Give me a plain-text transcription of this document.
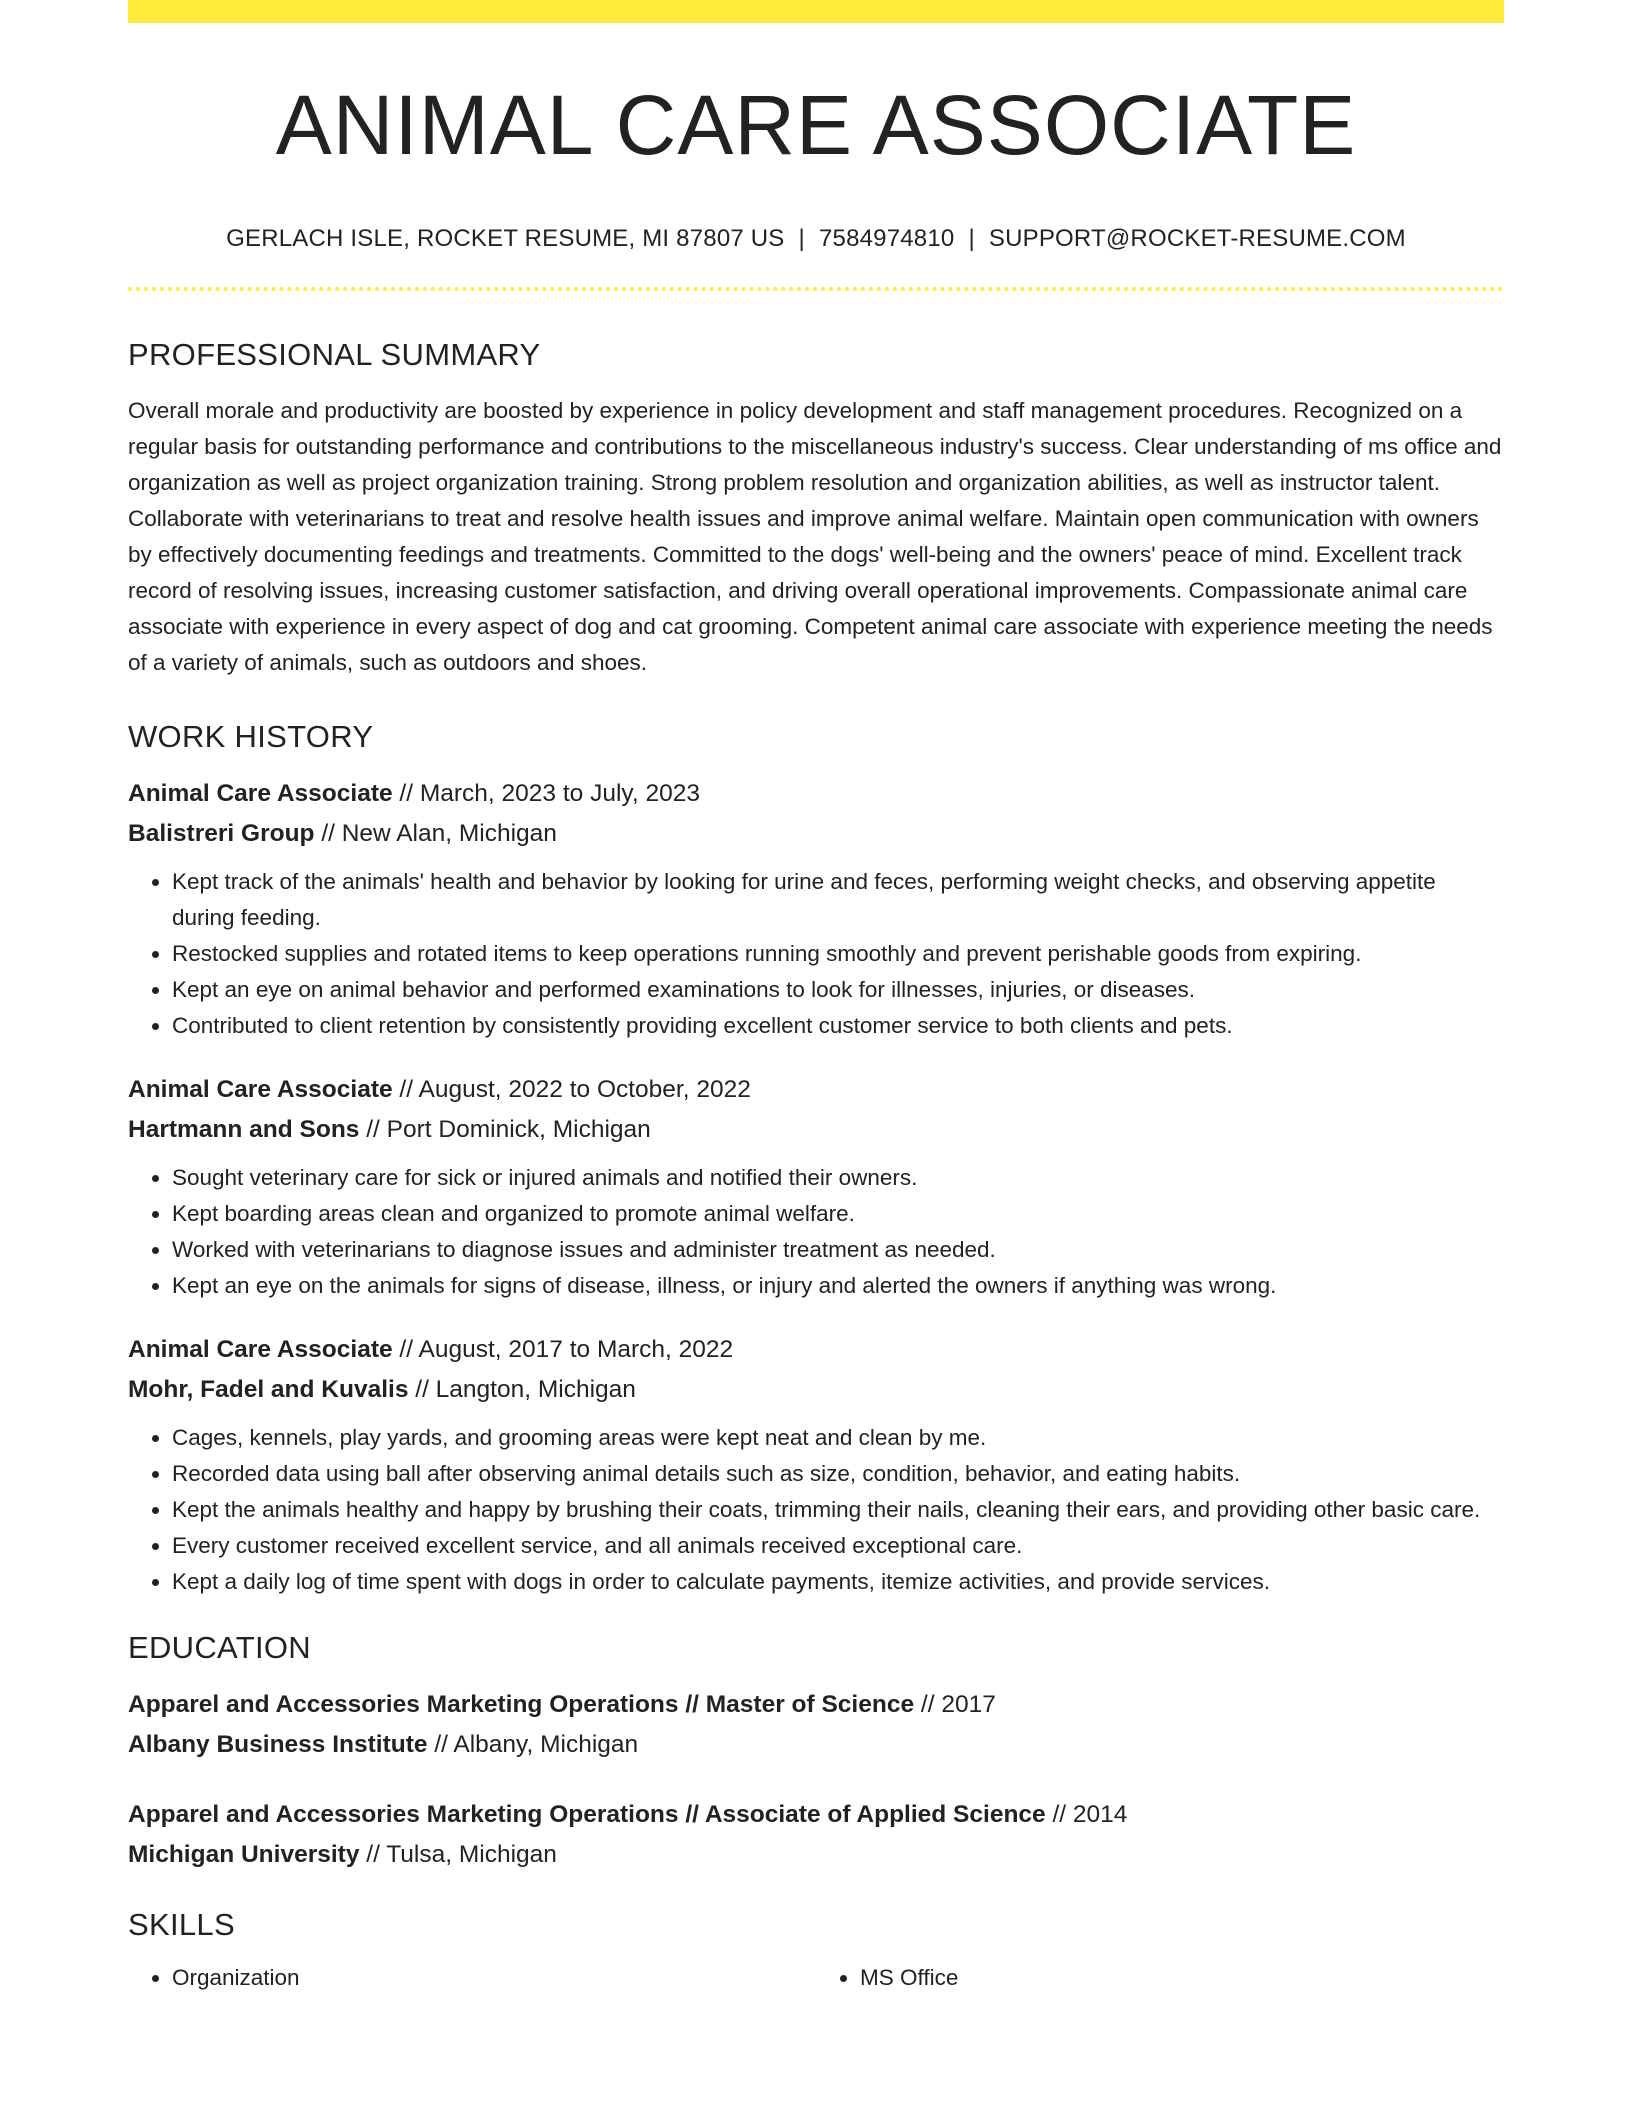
ANIMAL CARE ASSOCIATE
GERLACH ISLE, ROCKET RESUME, MI 87807 US | 7584974810 | SUPPORT@ROCKET-RESUME.COM
PROFESSIONAL SUMMARY

Overall morale and productivity are boosted by experience in policy development and staff management procedures. Recognized on a regular basis for outstanding performance and contributions to the miscellaneous industry's success. Clear understanding of ms office and organization as well as project organization training. Strong problem resolution and organization abilities, as well as instructor talent. Collaborate with veterinarians to treat and resolve health issues and improve animal welfare. Maintain open communication with owners by effectively documenting feedings and treatments. Committed to the dogs' well-being and the owners' peace of mind. Excellent track record of resolving issues, increasing customer satisfaction, and driving overall operational improvements. Compassionate animal care associate with experience in every aspect of dog and cat grooming. Competent animal care associate with experience meeting the needs of a variety of animals, such as outdoors and shoes.

WORK HISTORY
Animal Care Associate // March, 2023 to July, 2023
Balistreri Group // New Alan, Michigan
• Kept track of the animals' health and behavior by looking for urine and feces, performing weight checks, and observing appetite during feeding.
• Restocked supplies and rotated items to keep operations running smoothly and prevent perishable goods from expiring.
• Kept an eye on animal behavior and performed examinations to look for illnesses, injuries, or diseases.
• Contributed to client retention by consistently providing excellent customer service to both clients and pets.
Animal Care Associate // August, 2022 to October, 2022
Hartmann and Sons // Port Dominick, Michigan
• Sought veterinary care for sick or injured animals and notified their owners.
• Kept boarding areas clean and organized to promote animal welfare.
• Worked with veterinarians to diagnose issues and administer treatment as needed.
• Kept an eye on the animals for signs of disease, illness, or injury and alerted the owners if anything was wrong.
Animal Care Associate // August, 2017 to March, 2022
Mohr, Fadel and Kuvalis // Langton, Michigan
• Cages, kennels, play yards, and grooming areas were kept neat and clean by me.
• Recorded data using ball after observing animal details such as size, condition, behavior, and eating habits.
• Kept the animals healthy and happy by brushing their coats, trimming their nails, cleaning their ears, and providing other basic care.
• Every customer received excellent service, and all animals received exceptional care.
• Kept a daily log of time spent with dogs in order to calculate payments, itemize activities, and provide services.
EDUCATION
Apparel and Accessories Marketing Operations // Master of Science // 2017
Albany Business Institute // Albany, Michigan
Apparel and Accessories Marketing Operations // Associate of Applied Science // 2014
Michigan University // Tulsa, Michigan
SKILLS
• Organization
•	MS Office
